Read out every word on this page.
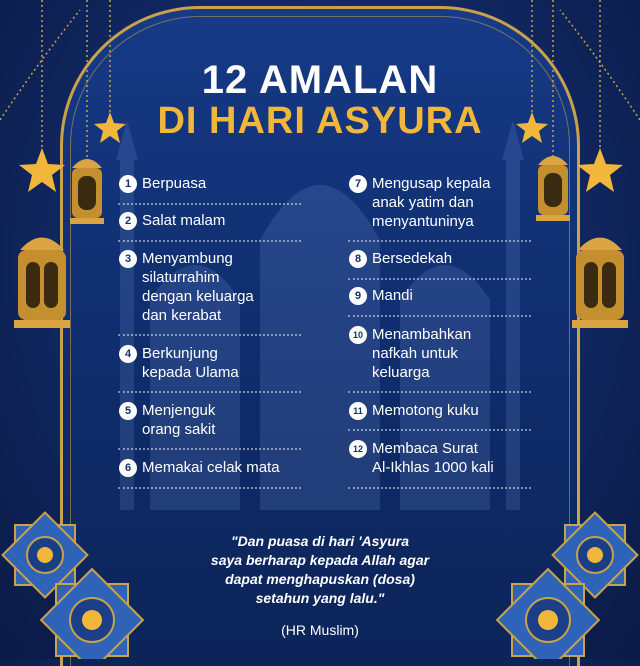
12 AMALAN
DI HARI ASYURA
1 Berpuasa
2 Salat malam
3 Menyambung
silaturrahim
dengan keluarga
dan kerabat
4 Berkunjung
kepada Ulama
5 Menjenguk
orang sakit
6 Memakai celak mata
7 Mengusap kepala
anak yatim dan
menyantuninya
8 Bersedekah
9 Mandi
10 Menambahkan
nafkah untuk
keluarga
11 Memotong kuku
12 Membaca Surat
Al-Ikhlas 1000 kali
"Dan puasa di hari 'Asyura
saya berharap kepada Allah agar
dapat menghapuskan (dosa)
setahun yang lalu."
(HR Muslim)
